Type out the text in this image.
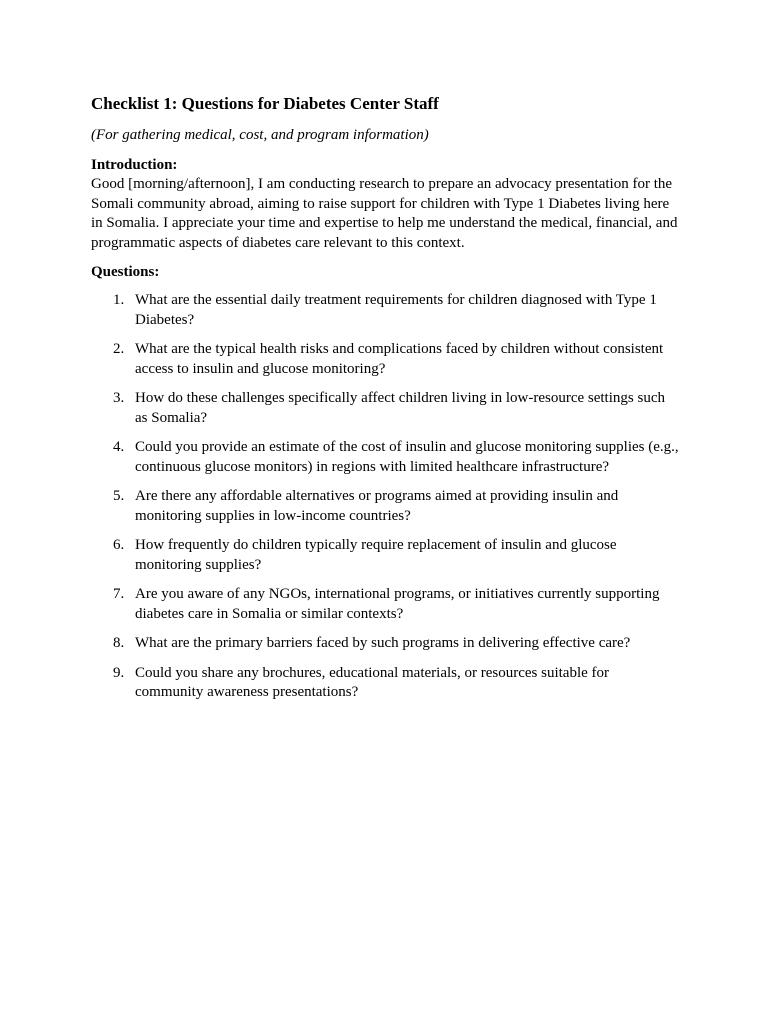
Checklist 1: Questions for Diabetes Center Staff

(For gathering medical, cost, and program information)

Introduction:

Good [morning/afternoon], I am conducting research to prepare an advocacy presentation for the Somali community abroad, aiming to raise support for children with Type 1 Diabetes living here in Somalia. I appreciate your time and expertise to help me understand the medical, financial, and programmatic aspects of diabetes care relevant to this context.

Questions:

1. What are the essential daily treatment requirements for children diagnosed with Type 1 Diabetes?
2. What are the typical health risks and complications faced by children without consistent access to insulin and glucose monitoring?
3. How do these challenges specifically affect children living in low-resource settings such as Somalia?
4. Could you provide an estimate of the cost of insulin and glucose monitoring supplies (e.g., continuous glucose monitors) in regions with limited healthcare infrastructure?
5. Are there any affordable alternatives or programs aimed at providing insulin and monitoring supplies in low-income countries?
6. How frequently do children typically require replacement of insulin and glucose monitoring supplies?
7. Are you aware of any NGOs, international programs, or initiatives currently supporting diabetes care in Somalia or similar contexts?
8. What are the primary barriers faced by such programs in delivering effective care?
9. Could you share any brochures, educational materials, or resources suitable for community awareness presentations?
